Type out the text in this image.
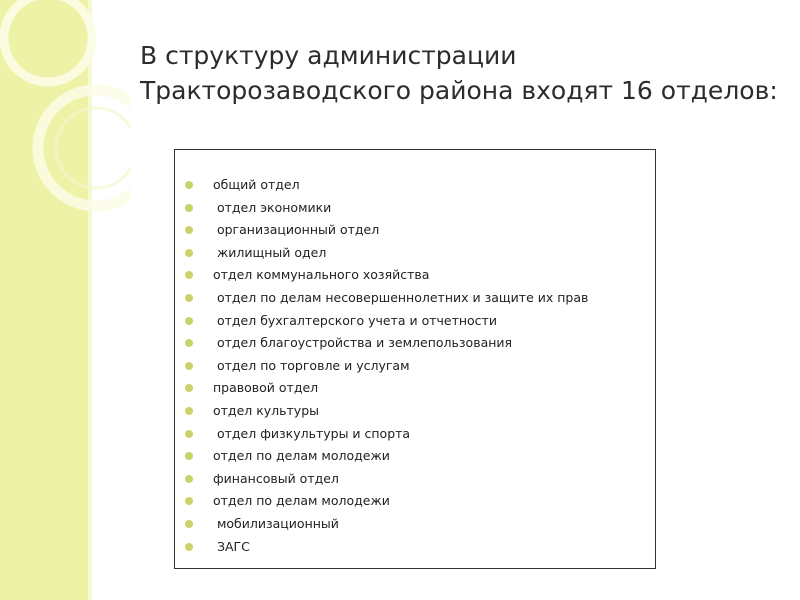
В структуру администрации
Тракторозаводского района входят 16 отделов:
общий отдел
отдел экономики
организационный отдел
жилищный одел
отдел коммунального хозяйства
отдел по делам несовершеннолетних и защите их прав
отдел бухгалтерского учета и отчетности
отдел благоустройства и землепользования
отдел по торговле и услугам
правовой отдел
отдел культуры
отдел физкультуры и спорта
отдел по делам молодежи
финансовый отдел
отдел по делам молодежи
мобилизационный
ЗАГС
